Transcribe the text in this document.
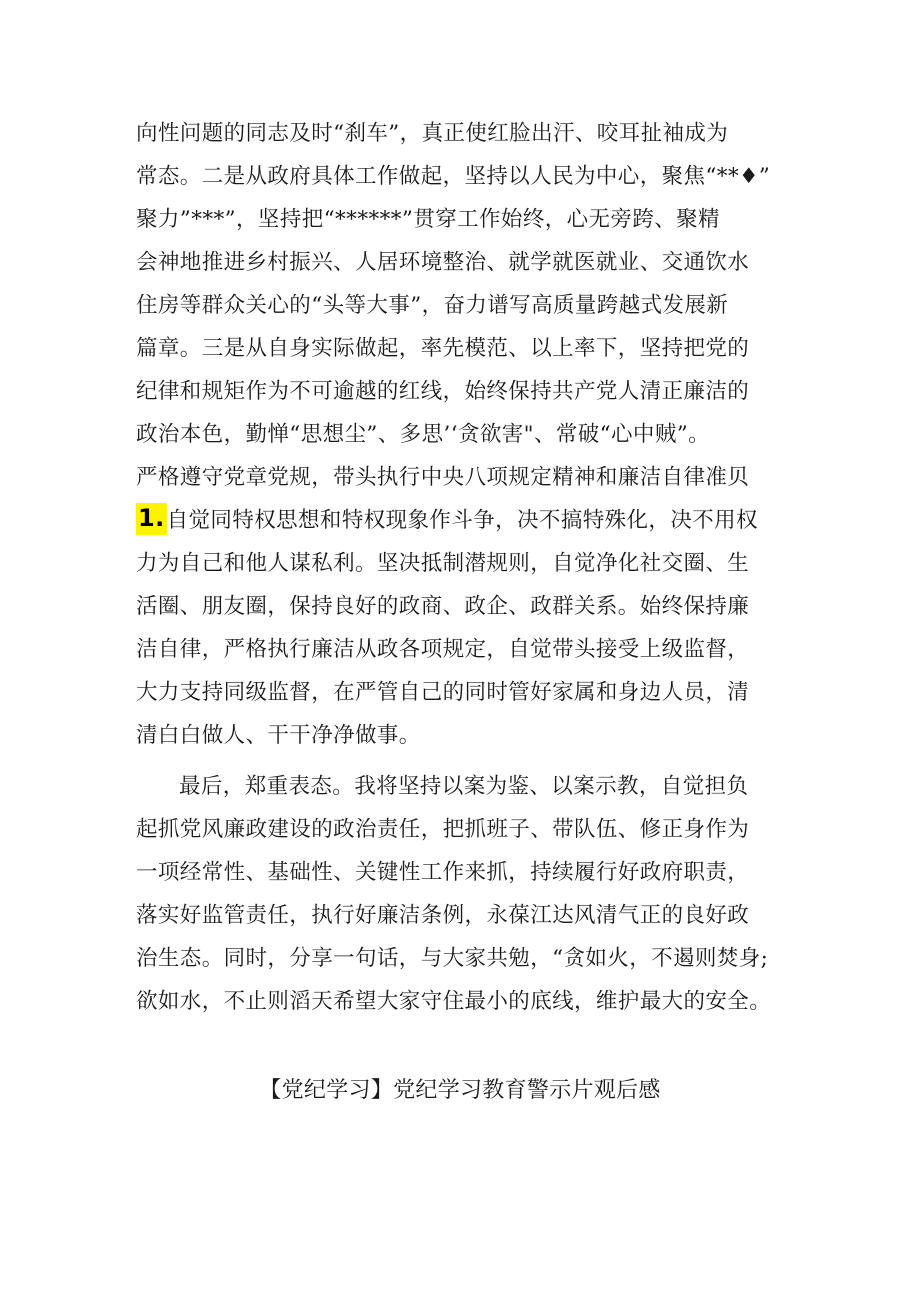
向性问题的同志及时“刹车”，真正使红脸出汗、咬耳扯袖成为
常态。二是从政府具体工作做起，坚持以人民为中心，聚焦“**♦”
聚力”***”，坚持把“******”贯穿工作始终，心无旁跨、聚精
会神地推进乡村振兴、人居环境整治、就学就医就业、交通饮水
住房等群众关心的“头等大事”，奋力谱写高质量跨越式发展新
篇章。三是从自身实际做起，率先模范、以上率下，坚持把党的
纪律和规矩作为不可逾越的红线，始终保持共产党人清正廉洁的
政治本色，勤惮“思想尘”、多思’‘贪欲害"、常破“心中贼”。
严格遵守党章党规，带头执行中央八项规定精神和廉洁自律准贝
1.自觉同特权思想和特权现象作斗争，决不搞特殊化，决不用权
力为自己和他人谋私利。坚决抵制潜规则，自觉净化社交圈、生
活圈、朋友圈，保持良好的政商、政企、政群关系。始终保持廉
洁自律，严格执行廉洁从政各项规定，自觉带头接受上级监督，
大力支持同级监督，在严管自己的同时管好家属和身边人员，清
清白白做人、干干净净做事。
最后，郑重表态。我将坚持以案为鉴、以案示教，自觉担负
起抓党风廉政建设的政治责任，把抓班子、带队伍、修正身作为
一项经常性、基础性、关键性工作来抓，持续履行好政府职责，
落实好监管责任，执行好廉洁条例，永葆江达风清气正的良好政
治生态。同时，分享一句话，与大家共勉，“贪如火，不遏则焚身;
欲如水，不止则滔天希望大家守住最小的底线，维护最大的安全。
【党纪学习】党纪学习教育警示片观后感
